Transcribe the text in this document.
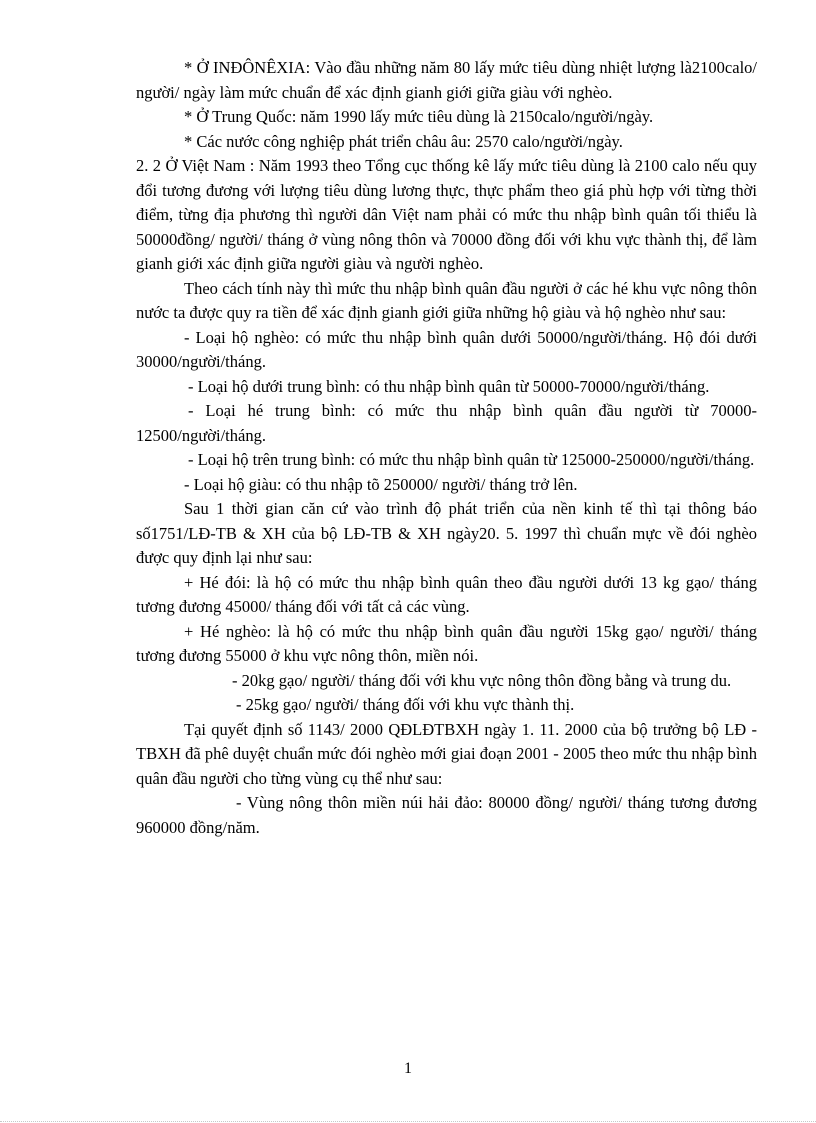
* Ở INĐÔNÊXIA: Vào đầu những năm 80 lấy mức tiêu dùng nhiệt lượng là2100calo/ người/ ngày làm mức chuẩn để xác định gianh giới giữa giàu với nghèo.

* Ở Trung Quốc: năm 1990 lấy mức tiêu dùng là 2150calo/người/ngày.

* Các nước công nghiệp phát triển châu âu: 2570 calo/người/ngày.

2. 2 Ở Việt Nam : Năm 1993 theo Tổng cục thống kê lấy mức tiêu dùng là 2100 calo nếu quy đổi tương đương với lượng tiêu dùng lương thực, thực phẩm theo giá phù hợp với từng thời điểm, từng địa phương thì người dân Việt nam phải có mức thu nhập bình quân tối thiểu là 50000đồng/ người/ tháng ở vùng nông thôn và 70000 đồng đối với khu vực thành thị, để làm gianh giới xác định giữa người giàu và người nghèo.

Theo cách tính này thì mức thu nhập bình quân đầu người ở các hé khu vực nông thôn nước ta được quy ra tiền để xác định gianh giới giữa những hộ giàu và hộ nghèo như sau:

- Loại hộ nghèo: có mức thu nhập bình quân dưới 50000/người/tháng. Hộ đói dưới 30000/người/tháng.

- Loại hộ dưới trung bình: có thu nhập bình quân từ 50000-70000/người/tháng.

- Loại hé trung bình: có mức thu nhập bình quân đầu người từ 70000-12500/người/tháng.

- Loại hộ trên trung bình: có mức thu nhập bình quân từ 125000-250000/người/tháng.

- Loại hộ giàu: có thu nhập tõ 250000/ người/ tháng trở lên.

Sau 1 thời gian căn cứ vào trình độ phát triển của nền kinh tế thì tại thông báo số1751/LĐ-TB & XH của bộ LĐ-TB & XH ngày20. 5. 1997 thì chuẩn mực về đói nghèo được quy định lại như sau:

+ Hé đói: là hộ có mức thu nhập bình quân theo đầu người dưới 13 kg gạo/ tháng tương đương 45000/ tháng đối với tất cả các vùng.

+ Hé nghèo: là hộ có mức thu nhập bình quân đầu người 15kg gạo/ người/ tháng tương đương 55000 ở khu vực nông thôn, miền nói.

- 20kg gạo/ người/ tháng đối với khu vực nông thôn đồng bằng và trung du.

- 25kg gạo/ người/ tháng đối với khu vực thành thị.

Tại quyết định số 1143/ 2000 QĐLĐTBXH ngày 1. 11. 2000 của bộ trưởng bộ LĐ - TBXH đã phê duyệt chuẩn mức đói nghèo mới giai đoạn 2001 - 2005 theo mức thu nhập bình quân đầu người cho từng vùng cụ thể như sau:

- Vùng nông thôn miền núi hải đảo: 80000 đồng/ người/ tháng tương đương 960000 đồng/năm.

1
